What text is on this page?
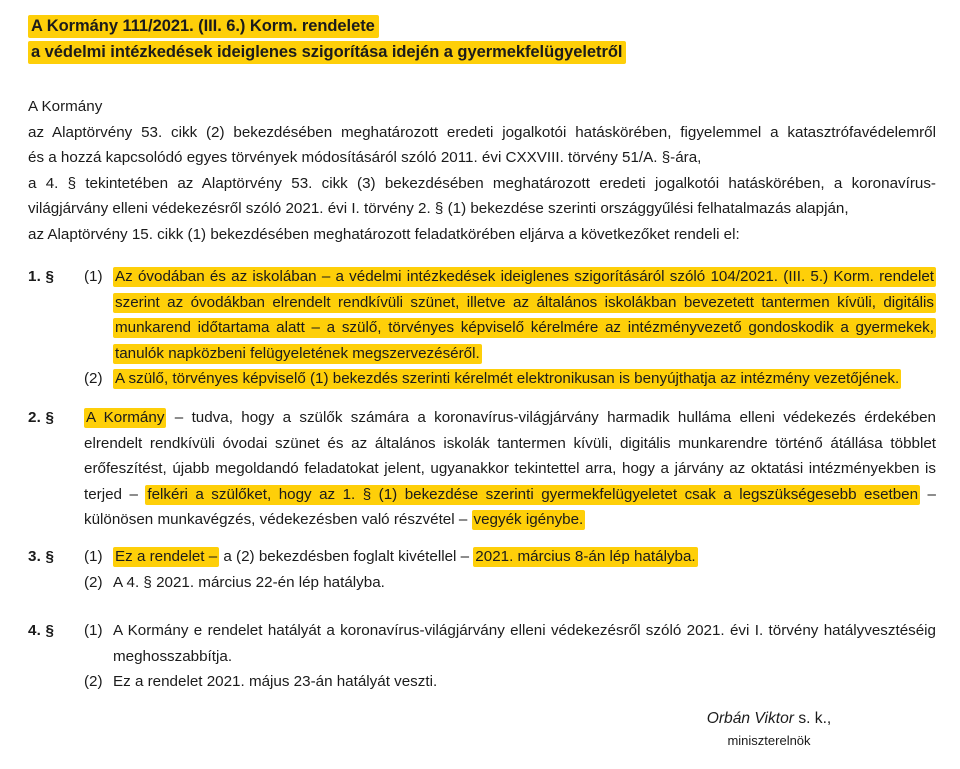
A Kormány 111/2021. (III. 6.) Korm. rendelete
a védelmi intézkedések ideiglenes szigorítása idején a gyermekfelügyeletről
A Kormány
az Alaptörvény 53. cikk (2) bekezdésében meghatározott eredeti jogalkotói hatáskörében, figyelemmel a katasztrófavédelemről
és a hozzá kapcsolódó egyes törvények módosításáról szóló 2011. évi CXXVIII. törvény 51/A. §-ára,
a 4. § tekintetében az Alaptörvény 53. cikk (3) bekezdésében meghatározott eredeti jogalkotói hatáskörében, a koronavírus-
világjárvány elleni védekezésről szóló 2021. évi I. törvény 2. § (1) bekezdése szerinti országgyűlési felhatalmazás alapján,
az Alaptörvény 15. cikk (1) bekezdésében meghatározott feladatkörében eljárva a következőket rendeli el:
1. §	(1) Az óvodában és az iskolában – a védelmi intézkedések ideiglenes szigorításáról szóló 104/2021. (III. 5.) Korm. rendelet szerint az óvodákban elrendelt rendkívüli szünet, illetve az általános iskolákban bevezetett tantermen kívüli, digitális munkarend időtartama alatt – a szülő, törvényes képviselő kérelmére az intézményvezető gondoskodik a gyermekek, tanulók napközbeni felügyeletének megszervezéséről.
(2) A szülő, törvényes képviselő (1) bekezdés szerinti kérelmét elektronikusan is benyújthatja az intézmény vezetőjének.
2. §	A Kormány – tudva, hogy a szülők számára a koronavírus-világjárvány harmadik hulláma elleni védekezés érdekében elrendelt rendkívüli óvodai szünet és az általános iskolák tantermen kívüli, digitális munkarendre történő átállása többlet erőfeszítést, újabb megoldandó feladatokat jelent, ugyanakkor tekintettel arra, hogy a járvány az oktatási intézményekben is terjed – felkéri a szülőket, hogy az 1. § (1) bekezdése szerinti gyermekfelügyeletet csak a legszükségesebb esetben – különösen munkavégzés, védekezésben való részvétel – vegyék igénybe.
3. §	(1) Ez a rendelet – a (2) bekezdésben foglalt kivétellel – 2021. március 8-án lép hatályba.
(2) A 4. § 2021. március 22-én lép hatályba.
4. §	(1) A Kormány e rendelet hatályát a koronavírus-világjárvány elleni védekezésről szóló 2021. évi I. törvény hatályvesztéséig meghosszabbítja.
(2) Ez a rendelet 2021. május 23-án hatályát veszti.
Orbán Viktor s. k.,
miniszterelnök
